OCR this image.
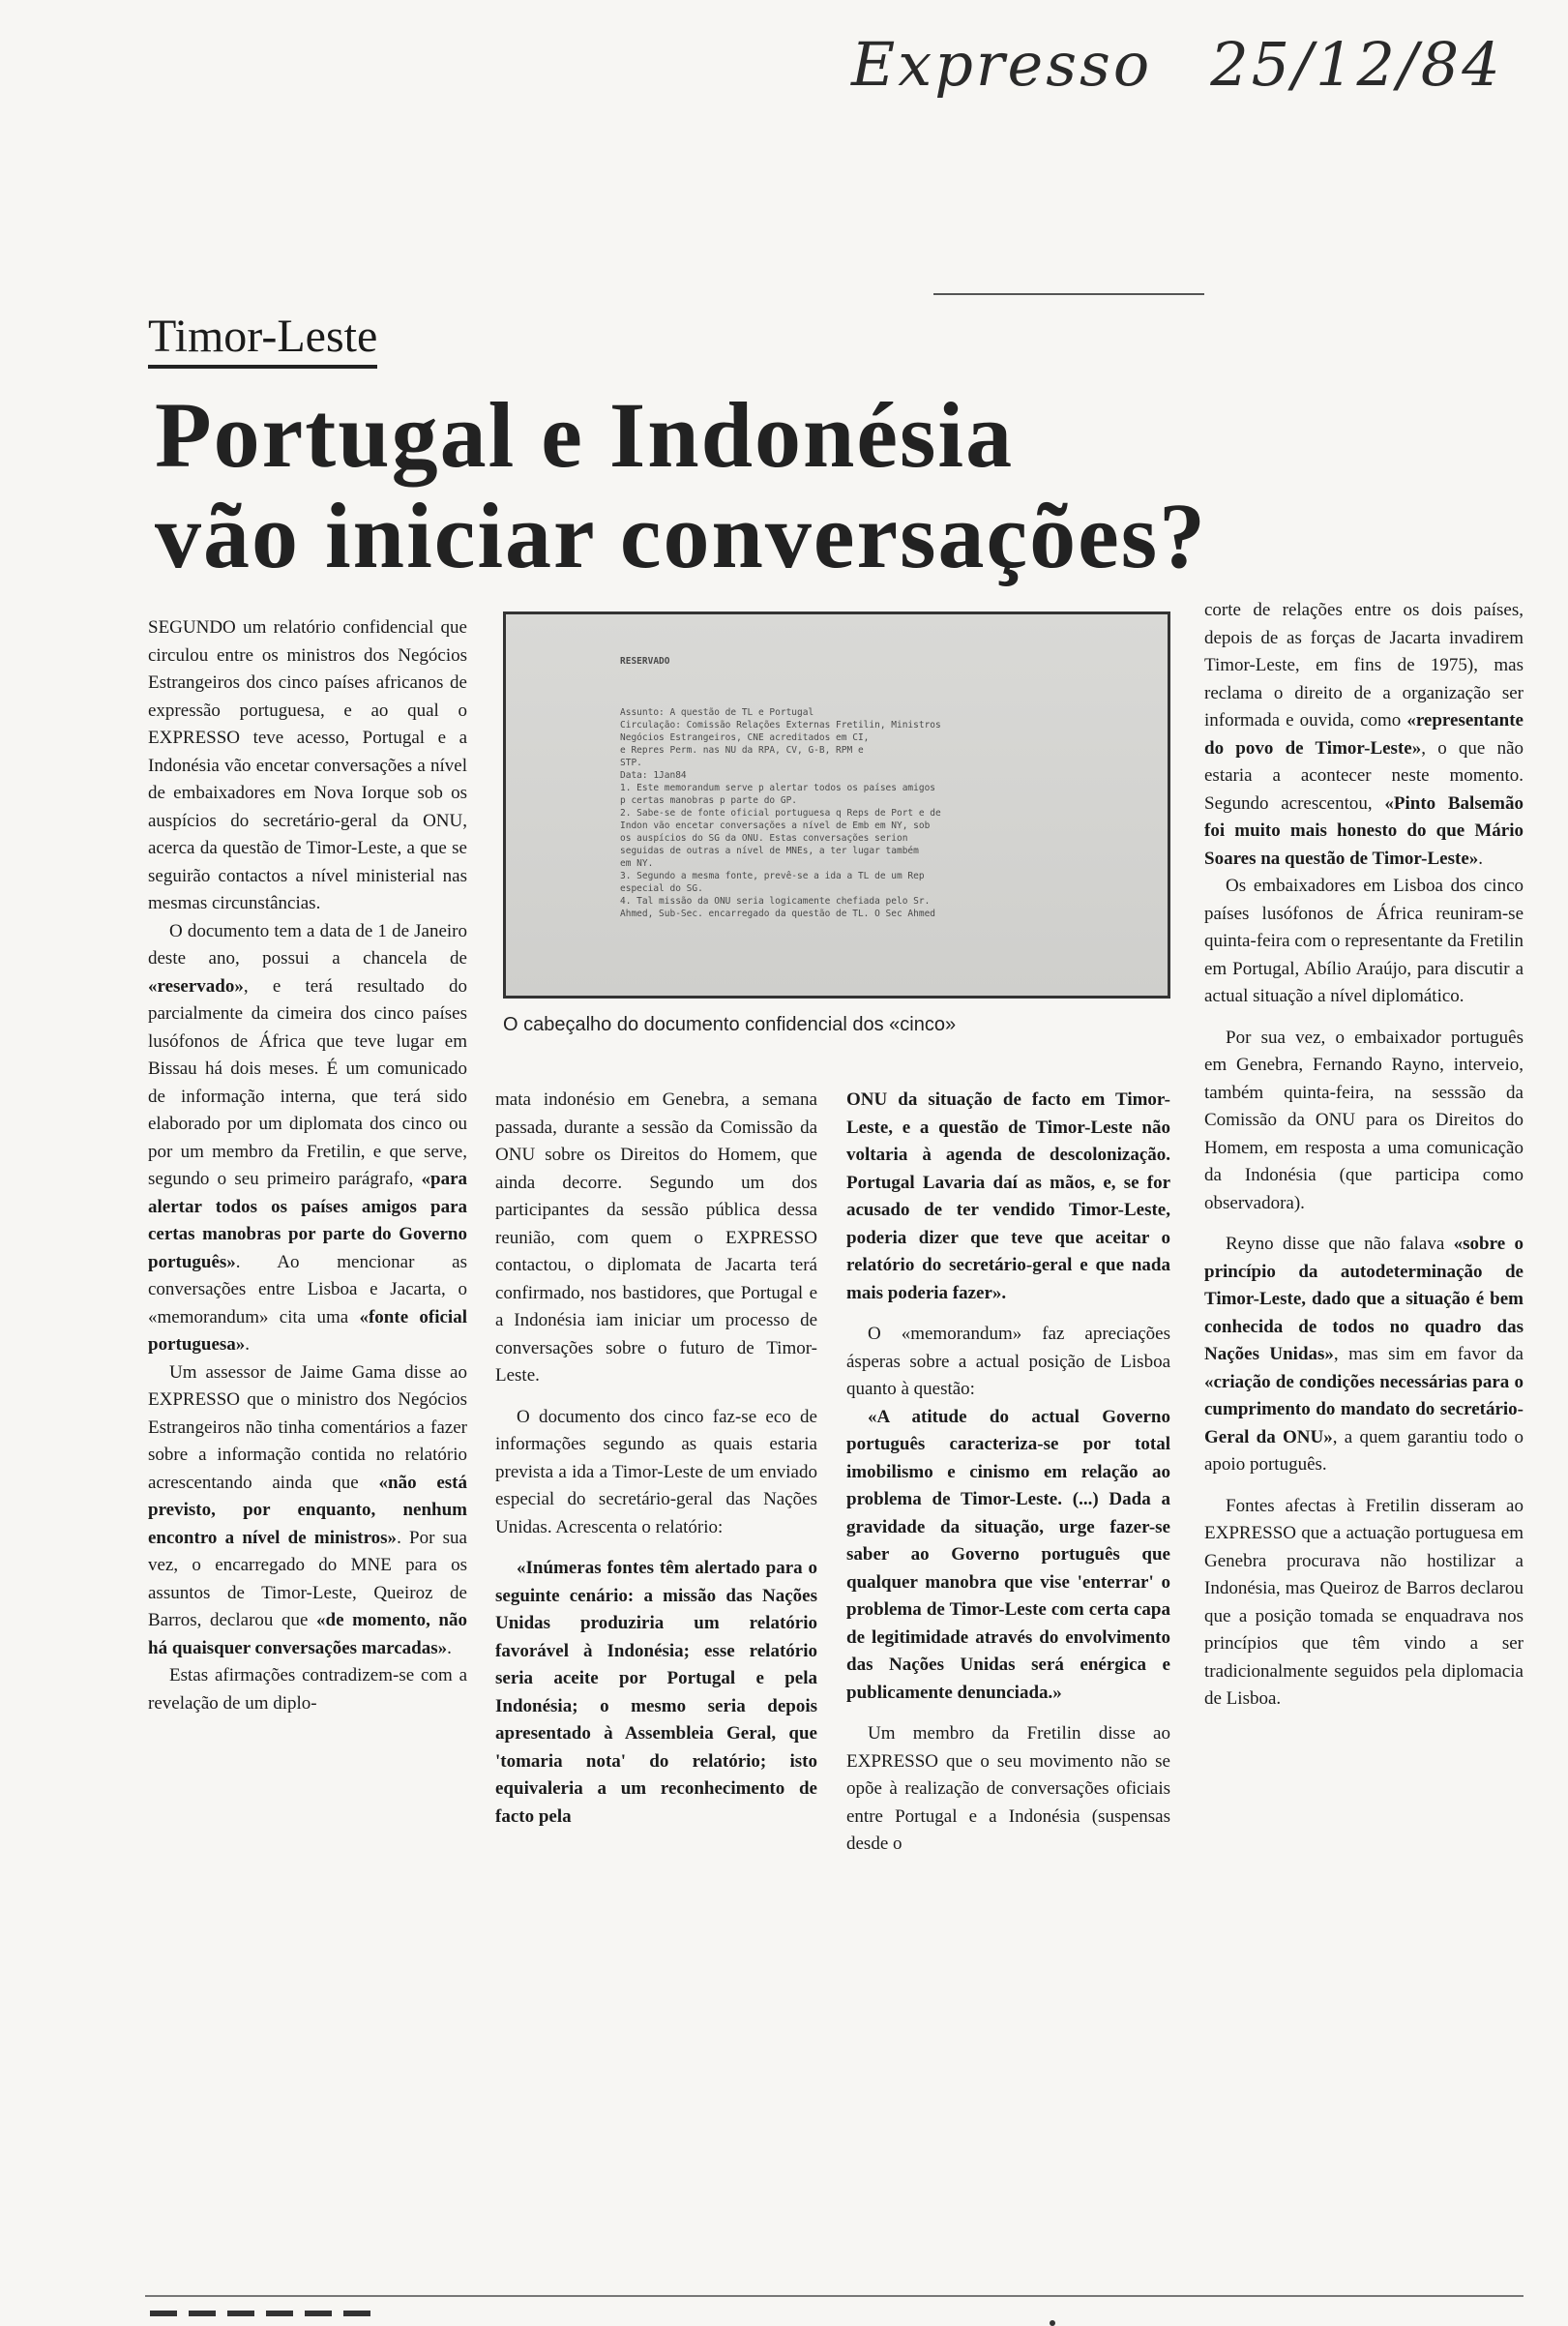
Expresso 25/12/84
Timor-Leste
Portugal e Indonésia
vão iniciar conversações?

SEGUNDO um relatório confidencial que circulou entre os ministros dos Negócios Estrangeiros dos cinco países africanos de expressão portuguesa, e ao qual o EXPRESSO teve acesso, Portugal e a Indonésia vão encetar conversações a nível de embaixadores em Nova Iorque sob os auspícios do secretário-geral da ONU, acerca da questão de Timor-Leste, a que se seguirão contactos a nível ministerial nas mesmas circunstâncias.

O documento tem a data de 1 de Janeiro deste ano, possui a chancela de «reservado», e terá resultado do parcialmente da cimeira dos cinco países lusófonos de África que teve lugar em Bissau há dois meses. É um comunicado de informação interna, que terá sido elaborado por um diplomata dos cinco ou por um membro da Fretilin, e que serve, segundo o seu primeiro parágrafo, «para alertar todos os países amigos para certas manobras por parte do Governo português». Ao mencionar as conversações entre Lisboa e Jacarta, o «memorandum» cita uma «fonte oficial portuguesa».

Um assessor de Jaime Gama disse ao EXPRESSO que o ministro dos Negócios Estrangeiros não tinha comentários a fazer sobre a informação contida no relatório acrescentando ainda que «não está previsto, por enquanto, nenhum encontro a nível de ministros». Por sua vez, o encarregado do MNE para os assuntos de Timor-Leste, Queiroz de Barros, declarou que «de momento, não há quaisquer conversações marcadas».

Estas afirmações contradizem-se com a revelação de um diplo-

RESERVADO
Assunto: A questão de TL e Portugal
Circulação: Comissão Relações Externas Fretilin, Ministros
Negócios Estrangeiros, CNE acreditados em CI,
e Repres Perm. nas NU da RPA, CV, G-B, RPM e
STP.
Data: 1Jan84
1. Este memorandum serve p alertar todos os países amigos
p certas manobras p parte do GP.
2. Sabe-se de fonte oficial portuguesa q Reps de Port e de
Indon vão encetar conversações a nível de Emb em NY, sob
os auspícios do SG da ONU. Estas conversações serion
seguidas de outras a nível de MNEs, a ter lugar também
em NY.
3. Segundo a mesma fonte, prevê-se a ida a TL de um Rep
especial do SG.
4. Tal missão da ONU seria logicamente chefiada pelo Sr.
Ahmed, Sub-Sec. encarregado da questão de TL. O Sec Ahmed
O cabeçalho do documento confidencial dos «cinco»

mata indonésio em Genebra, a semana passada, durante a sessão da Comissão da ONU sobre os Direitos do Homem, que ainda decorre. Segundo um dos participantes da sessão pública dessa reunião, com quem o EXPRESSO contactou, o diplomata de Jacarta terá confirmado, nos bastidores, que Portugal e a Indonésia iam iniciar um processo de conversações sobre o futuro de Timor-Leste.

O documento dos cinco faz-se eco de informações segundo as quais estaria prevista a ida a Timor-Leste de um enviado especial do secretário-geral das Nações Unidas. Acrescenta o relatório:

«Inúmeras fontes têm alertado para o seguinte cenário: a missão das Nações Unidas produziria um relatório favorável à Indonésia; esse relatório seria aceite por Portugal e pela Indonésia; o mesmo seria depois apresentado à Assembleia Geral, que 'tomaria nota' do relatório; isto equivaleria a um reconhecimento de facto pela

ONU da situação de facto em Timor-Leste, e a questão de Timor-Leste não voltaria à agenda de descolonização. Portugal Lavaria daí as mãos, e, se for acusado de ter vendido Timor-Leste, poderia dizer que teve que aceitar o relatório do secretário-geral e que nada mais poderia fazer».

O «memorandum» faz apreciações ásperas sobre a actual posição de Lisboa quanto à questão:

«A atitude do actual Governo português caracteriza-se por total imobilismo e cinismo em relação ao problema de Timor-Leste. (...) Dada a gravidade da situação, urge fazer-se saber ao Governo português que qualquer manobra que vise 'enterrar' o problema de Timor-Leste com certa capa de legitimidade através do envolvimento das Nações Unidas será enérgica e publicamente denunciada.»

Um membro da Fretilin disse ao EXPRESSO que o seu movimento não se opõe à realização de conversações oficiais entre Portugal e a Indonésia (suspensas desde o

corte de relações entre os dois países, depois de as forças de Jacarta invadirem Timor-Leste, em fins de 1975), mas reclama o direito de a organização ser informada e ouvida, como «representante do povo de Timor-Leste», o que não estaria a acontecer neste momento. Segundo acrescentou, «Pinto Balsemão foi muito mais honesto do que Mário Soares na questão de Timor-Leste».

Os embaixadores em Lisboa dos cinco países lusófonos de África reuniram-se quinta-feira com o representante da Fretilin em Portugal, Abílio Araújo, para discutir a actual situação a nível diplomático.

Por sua vez, o embaixador português em Genebra, Fernando Rayno, interveio, também quinta-feira, na sesssão da Comissão da ONU para os Direitos do Homem, em resposta a uma comunicação da Indonésia (que participa como observadora).

Reyno disse que não falava «sobre o princípio da autodeterminação de Timor-Leste, dado que a situação é bem conhecida de todos no quadro das Nações Unidas», mas sim em favor da «criação de condições necessárias para o cumprimento do mandato do secretário-Geral da ONU», a quem garantiu todo o apoio português.

Fontes afectas à Fretilin disseram ao EXPRESSO que a actuação portuguesa em Genebra procurava não hostilizar a Indonésia, mas Queiroz de Barros declarou que a posição tomada se enquadrava nos princípios que têm vindo a ser tradicionalmente seguidos pela diplomacia de Lisboa.
